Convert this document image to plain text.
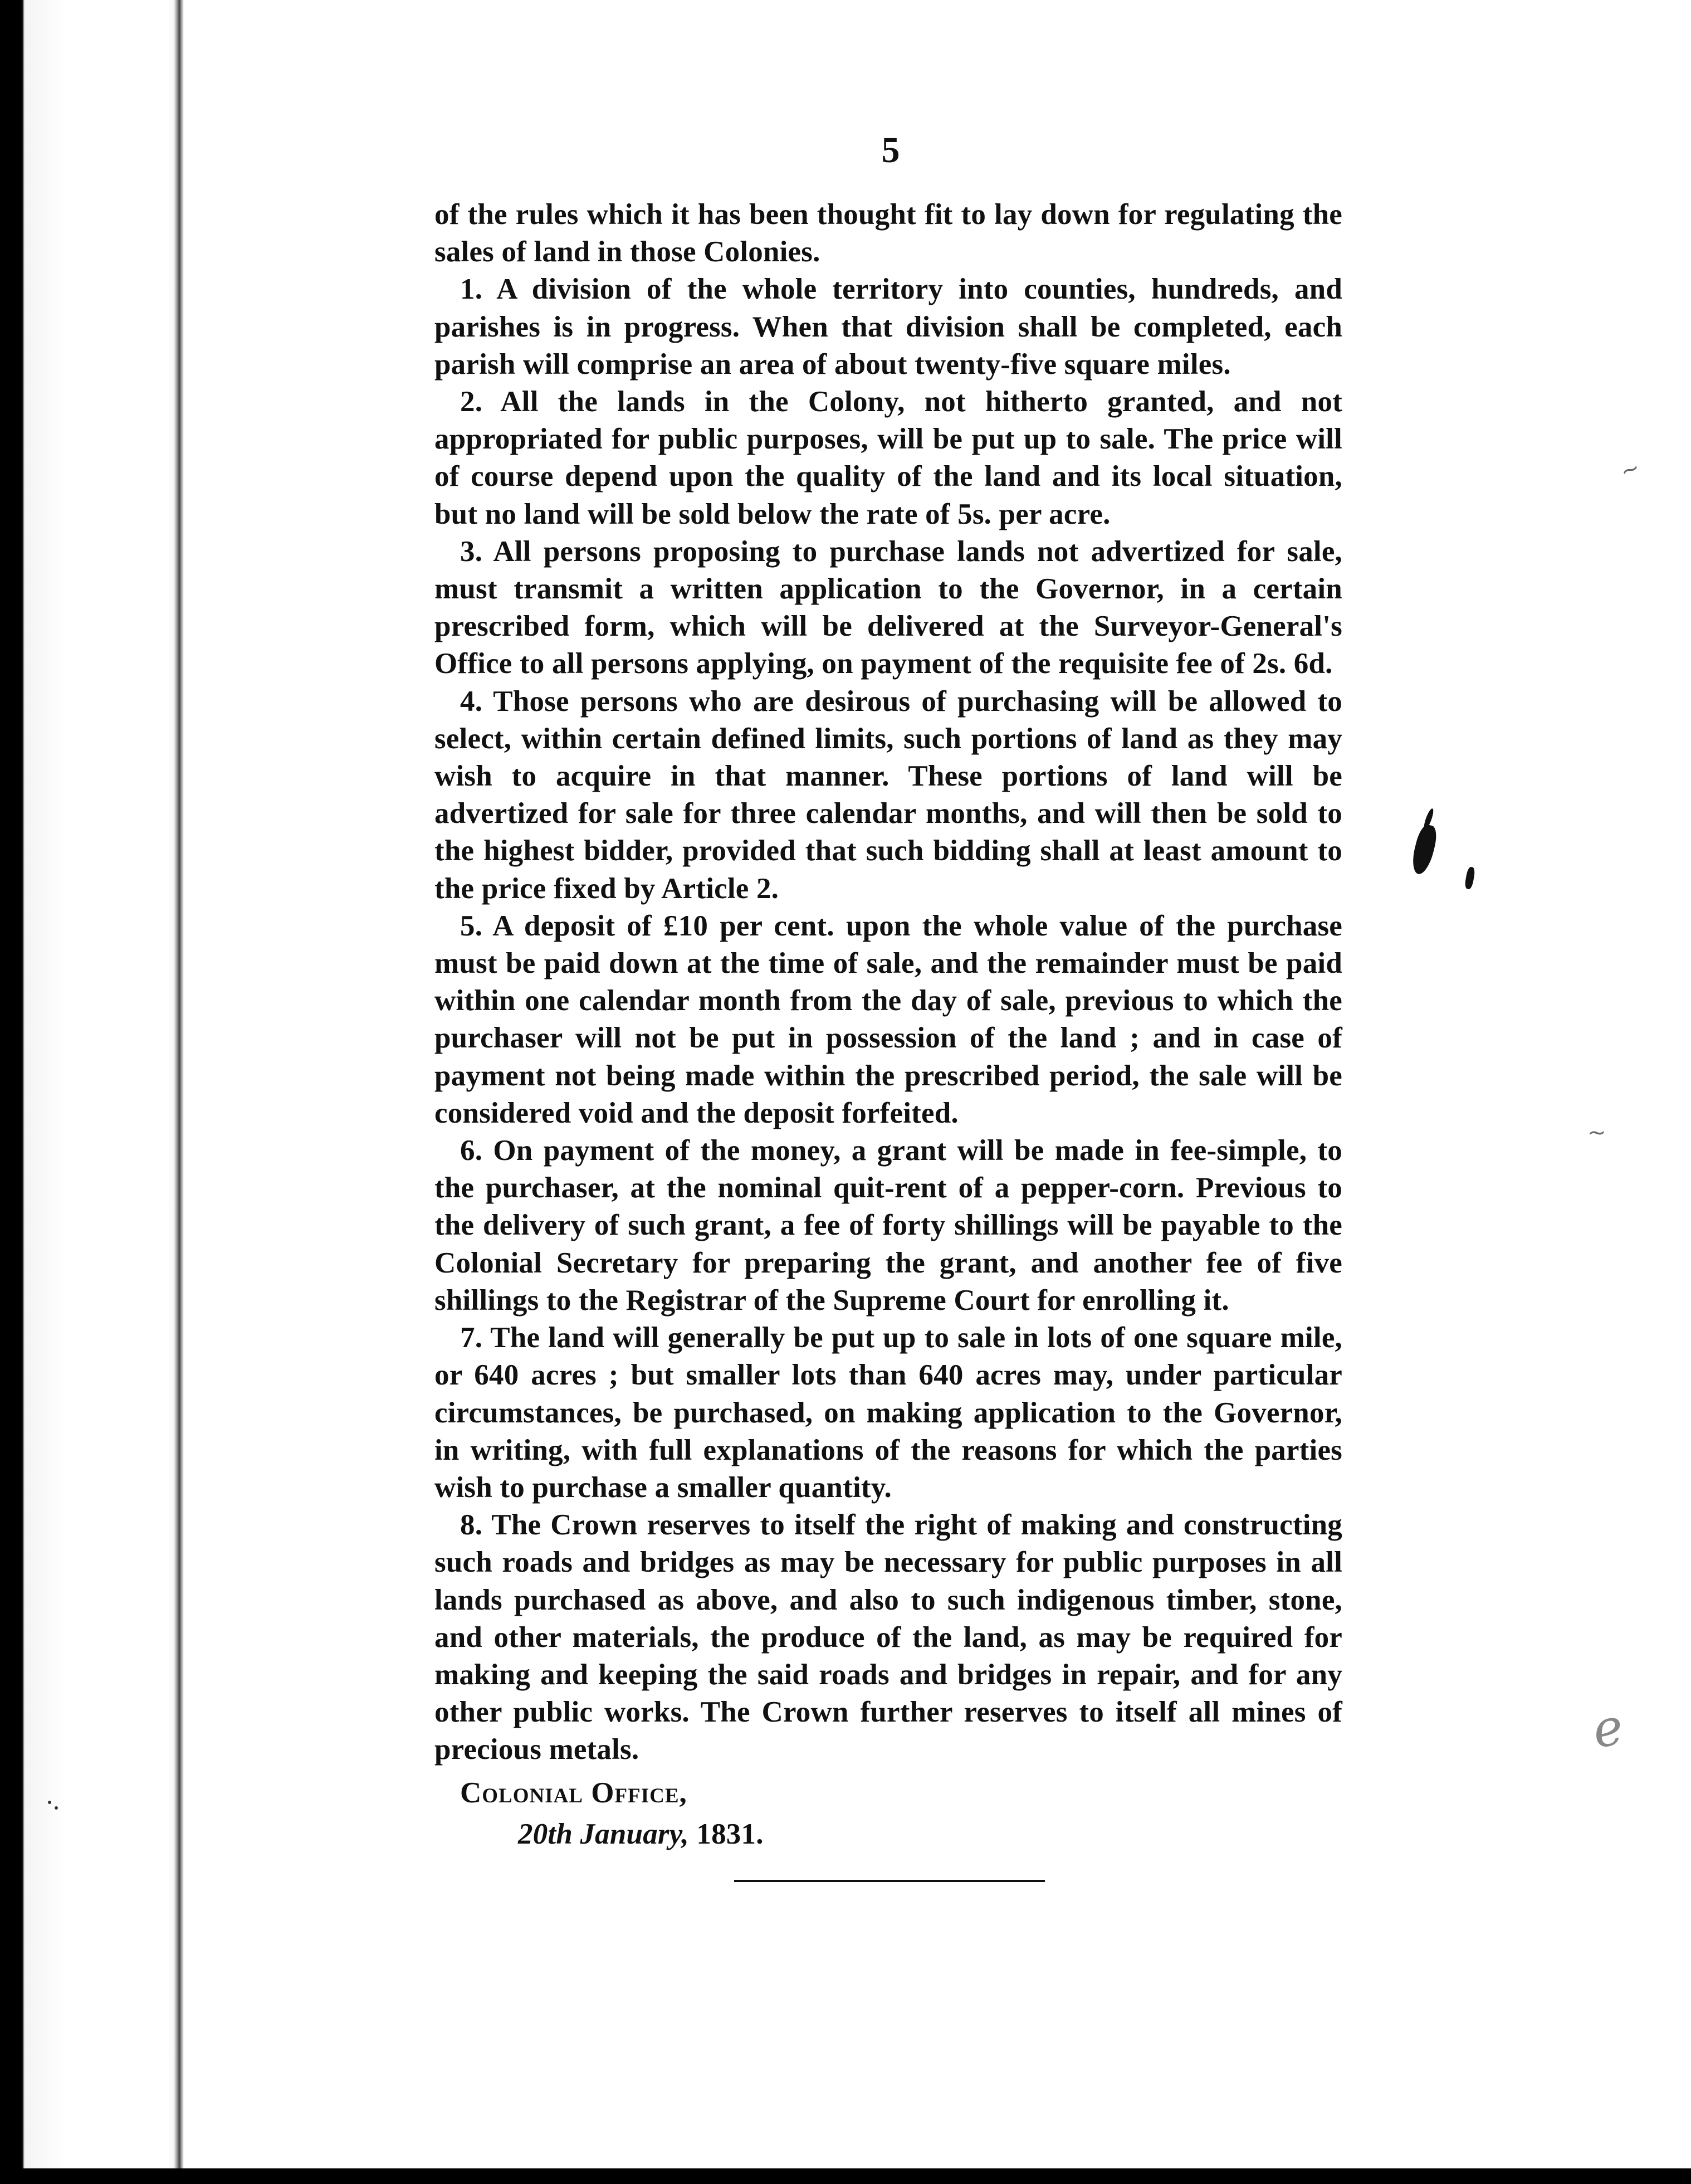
5

of the rules which it has been thought fit to lay down for regulating the sales of land in those Colonies.

1. A division of the whole territory into counties, hundreds, and parishes is in progress. When that division shall be completed, each parish will comprise an area of about twenty-five square miles.

2. All the lands in the Colony, not hitherto granted, and not appropriated for public purposes, will be put up to sale. The price will of course depend upon the quality of the land and its local situation, but no land will be sold below the rate of 5s. per acre.

3. All persons proposing to purchase lands not advertized for sale, must transmit a written application to the Governor, in a certain prescribed form, which will be delivered at the Surveyor-General's Office to all persons applying, on payment of the requisite fee of 2s. 6d.

4. Those persons who are desirous of purchasing will be allowed to select, within certain defined limits, such portions of land as they may wish to acquire in that manner. These portions of land will be advertized for sale for three calendar months, and will then be sold to the highest bidder, provided that such bidding shall at least amount to the price fixed by Article 2.

5. A deposit of £10 per cent. upon the whole value of the purchase must be paid down at the time of sale, and the remainder must be paid within one calendar month from the day of sale, previous to which the purchaser will not be put in possession of the land ; and in case of payment not being made within the prescribed period, the sale will be considered void and the deposit forfeited.

6. On payment of the money, a grant will be made in fee-simple, to the purchaser, at the nominal quit-rent of a pepper-corn. Previous to the delivery of such grant, a fee of forty shillings will be payable to the Colonial Secretary for preparing the grant, and another fee of five shillings to the Registrar of the Supreme Court for enrolling it.

7. The land will generally be put up to sale in lots of one square mile, or 640 acres ; but smaller lots than 640 acres may, under particular circumstances, be purchased, on making application to the Governor, in writing, with full explanations of the reasons for which the parties wish to purchase a smaller quantity.

8. The Crown reserves to itself the right of making and constructing such roads and bridges as may be necessary for public purposes in all lands purchased as above, and also to such indigenous timber, stone, and other materials, the produce of the land, as may be required for making and keeping the said roads and bridges in repair, and for any other public works. The Crown further reserves to itself all mines of precious metals.

Colonial Office,
20th January, 1831.
~
~
ℯ
